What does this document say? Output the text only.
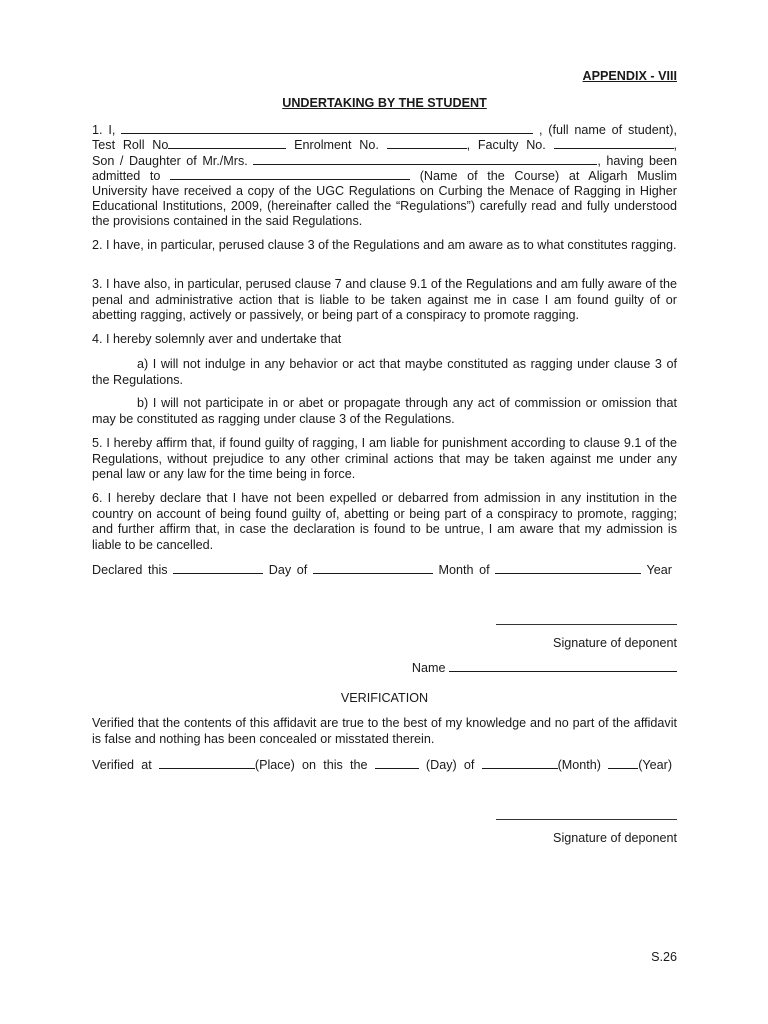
APPENDIX - VIII
UNDERTAKING BY THE STUDENT
1. I,	, (full name of student),
Test Roll No	Enrolment No.	, Faculty No.	,
Son / Daughter of Mr./Mrs.	, having been
admitted to	(Name of the Course) at Aligarh Muslim
University have received a copy of the UGC Regulations on Curbing the Menace of Ragging in Higher
Educational Institutions, 2009, (hereinafter called the “Regulations”) carefully read and fully understood
the provisions contained in the said Regulations.

2. I have, in particular, perused clause 3 of the Regulations and am aware as to what constitutes ragging.

3. I have also, in particular, perused clause 7 and clause 9.1 of the Regulations and am fully aware of the penal and administrative action that is liable to be taken against me in case I am found guilty of or abetting ragging, actively or passively, or being part of a conspiracy to promote ragging.

4. I hereby solemnly aver and undertake that

a) I will not indulge in any behavior or act that maybe constituted as ragging under clause 3 of the Regulations.

b) I will not participate in or abet or propagate through any act of commission or omission that may be constituted as ragging under clause 3 of the Regulations.

5. I hereby affirm that, if found guilty of ragging, I am liable for punishment according to clause 9.1 of the Regulations, without prejudice to any other criminal actions that may be taken against me under any penal law or any law for the time being in force.

6. I hereby declare that I have not been expelled or debarred from admission in any institution in the country on account of being found guilty of, abetting or being part of a conspiracy to promote, ragging; and further affirm that, in case the declaration is found to be untrue, I am aware that my admission is liable to be cancelled.

Declared this	Day of	Month of	Year
Signature of deponent
Name
VERIFICATION

Verified that the contents of this affidavit are true to the best of my knowledge and no part of the affidavit is false and nothing has been concealed or misstated therein.

Verified at	(Place) on this the	(Day) of	(Month)	(Year)
Signature of deponent
S.26
